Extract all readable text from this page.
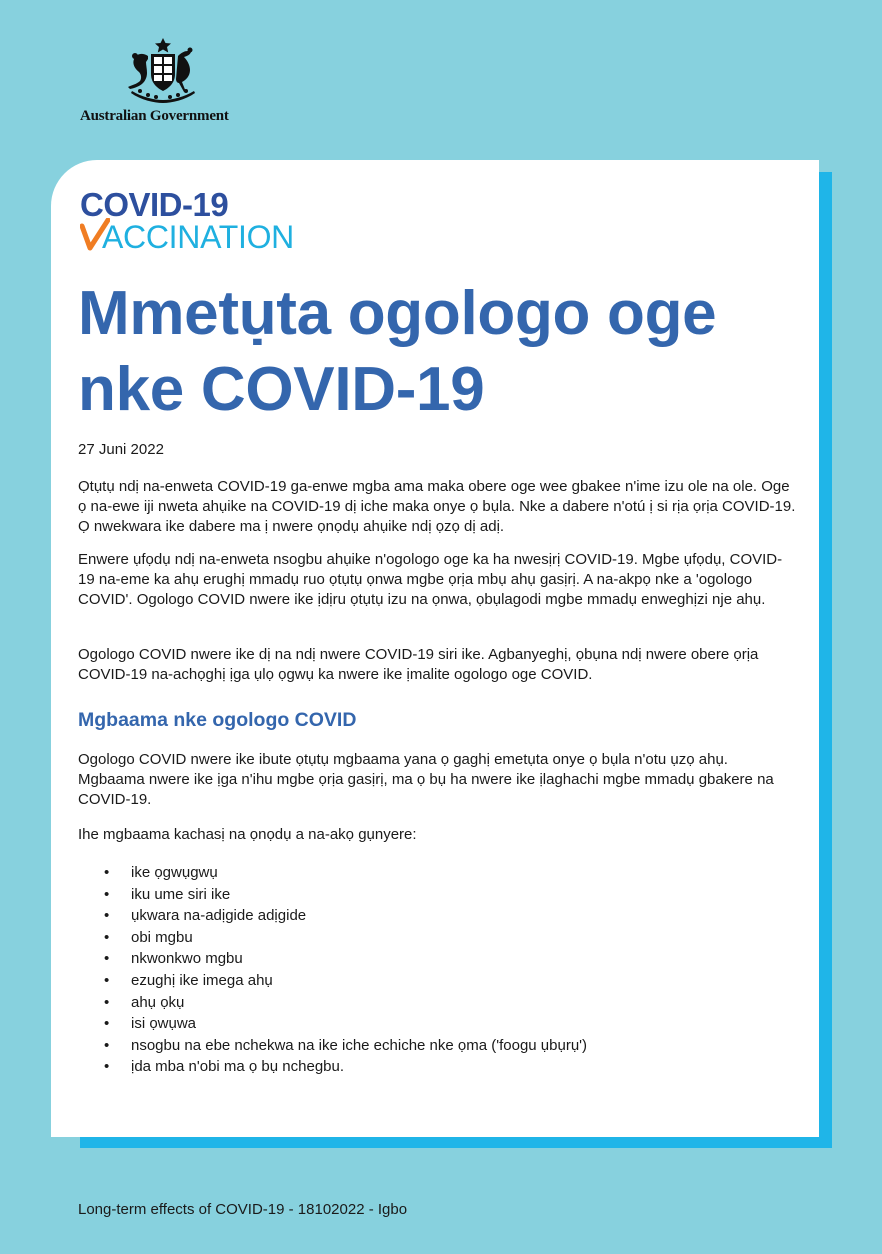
Australian Government
COVID-19
ACCINATION
Mmetụta ogologo oge nke COVID-19

27 Juni 2022

Ọtụtụ ndị na-enweta COVID-19 ga-enwe mgba ama maka obere oge wee gbakee n'ime izu ole na ole. Oge ọ na-ewe iji nweta ahụike na COVID-19 dị iche maka onye ọ bụla. Nke a dabere n'otú ị si rịa ọrịa COVID-19. Ọ nwekwara ike dabere ma ị nwere ọnọdụ ahụike ndị ọzọ dị adị.

Enwere ụfọdụ ndị na-enweta nsogbu ahụike n'ogologo oge ka ha nwesịrị COVID-19. Mgbe ụfọdụ, COVID-19 na-eme ka ahụ erughị mmadụ ruo ọtụtụ ọnwa mgbe ọrịa mbụ ahụ gasịrị. A na-akpọ nke a 'ogologo COVID'. Ogologo COVID nwere ike ịdịru ọtụtụ izu na ọnwa, ọbụlagodi mgbe mmadụ enweghịzi nje ahụ.

Ogologo COVID nwere ike dị na ndị nwere COVID-19 siri ike. Agbanyeghị, ọbụna ndị nwere obere ọrịa COVID-19 na-achọghị ịga ụlọ ọgwụ ka nwere ike ịmalite ogologo oge COVID.

Mgbaama nke ogologo COVID

Ogologo COVID nwere ike ibute ọtụtụ mgbaama yana ọ gaghị emetụta onye ọ bụla n'otu ụzọ ahụ. Mgbaama nwere ike ịga n'ihu mgbe ọrịa gasịrị, ma ọ bụ ha nwere ike ịlaghachi mgbe mmadụ gbakere na COVID-19.

Ihe mgbaama kachasị na ọnọdụ a na-akọ gụnyere:

• ike ọgwụgwụ
• iku ume siri ike
• ụkwara na-adịgide adịgide
• obi mgbu
• nkwonkwo mgbu
• ezughị ike imega ahụ
• ahụ ọkụ
• isi ọwụwa
• nsogbu na ebe nchekwa na ike iche echiche nke ọma ('foogu ụbụrụ')
• ịda mba n'obi ma ọ bụ nchegbu.
Long-term effects of COVID-19 - 18102022 - Igbo
